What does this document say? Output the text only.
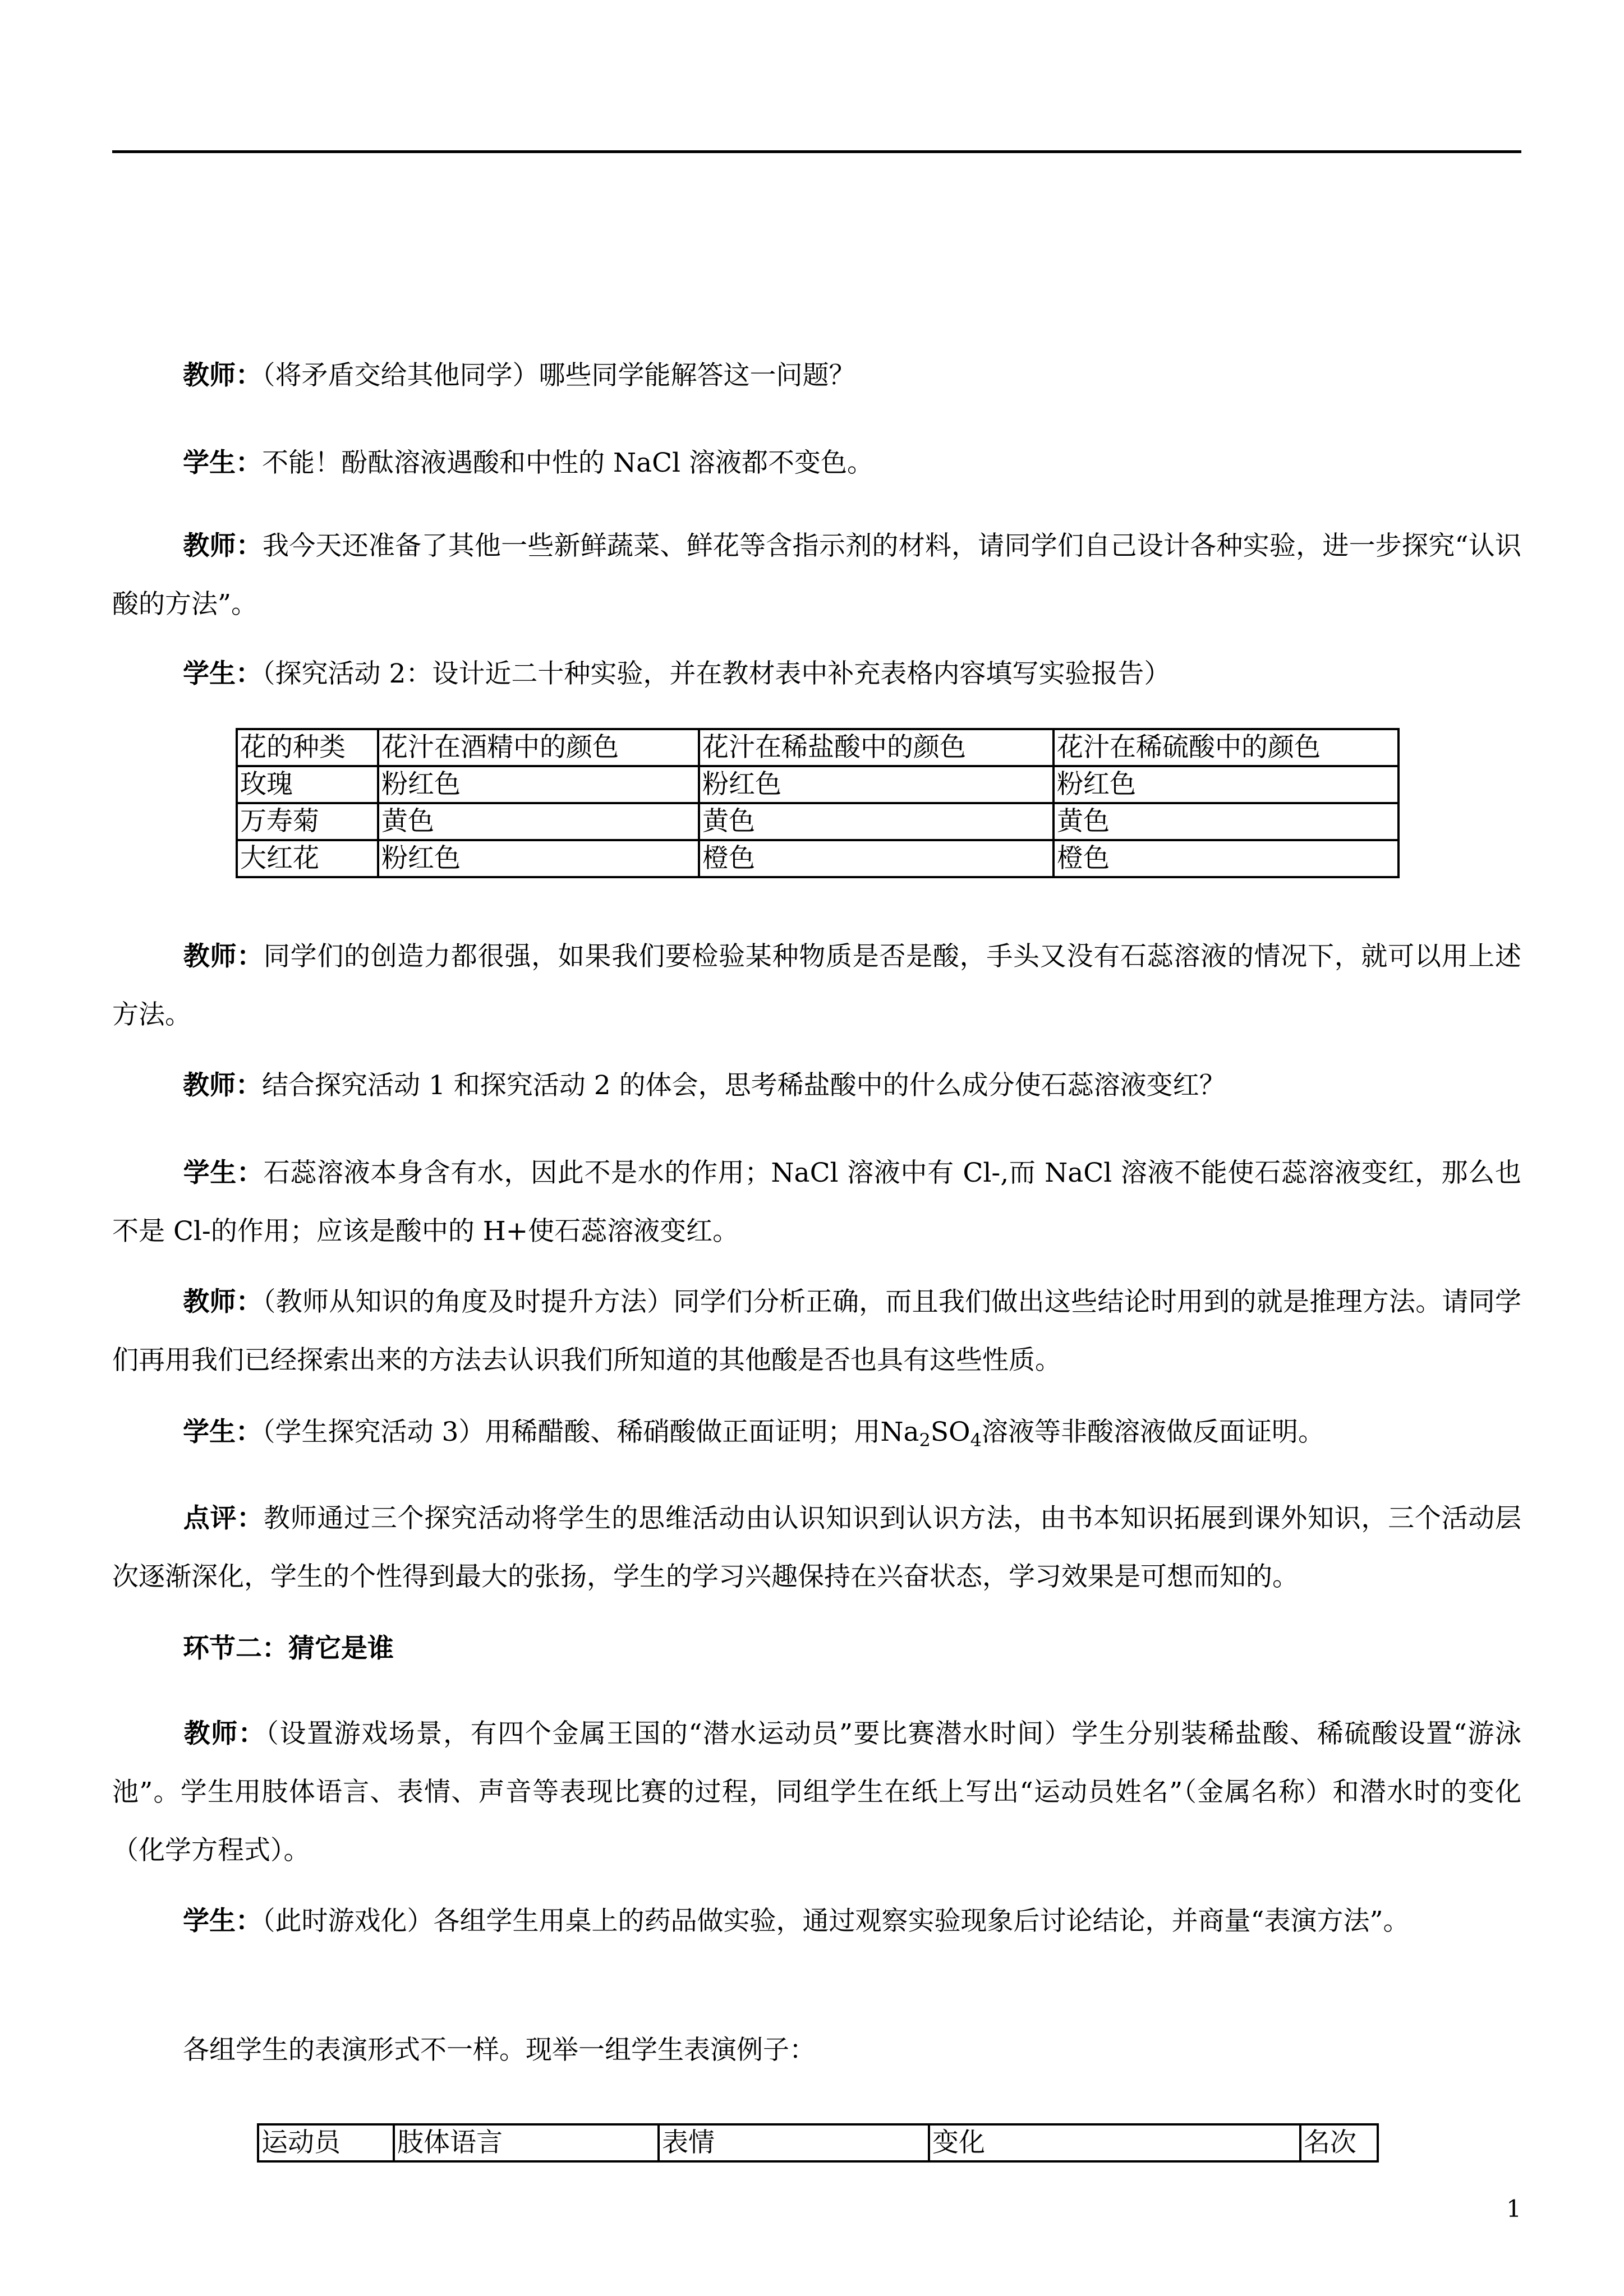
教师：（将矛盾交给其他同学）哪些同学能解答这一问题？
学生：不能！酚酞溶液遇酸和中性的 NaCl 溶液都不变色。
教师：我今天还准备了其他一些新鲜蔬菜、鲜花等含指示剂的材料，请同学们自己设计各种实验，进一步探究“认识酸的方法”。
学生：（探究活动 2：设计近二十种实验，并在教材表中补充表格内容填写实验报告）
花的种类	花汁在酒精中的颜色	花汁在稀盐酸中的颜色	花汁在稀硫酸中的颜色
玫瑰	粉红色	粉红色	粉红色
万寿菊	黄色	黄色	黄色
大红花	粉红色	橙色	橙色
教师：同学们的创造力都很强，如果我们要检验某种物质是否是酸，手头又没有石蕊溶液的情况下，就可以用上述方法。
教师：结合探究活动 1 和探究活动 2 的体会，思考稀盐酸中的什么成分使石蕊溶液变红？
学生：石蕊溶液本身含有水，因此不是水的作用；NaCl 溶液中有 Cl-,而 NaCl 溶液不能使石蕊溶液变红，那么也不是 Cl-的作用；应该是酸中的 H+使石蕊溶液变红。
教师：（教师从知识的角度及时提升方法）同学们分析正确，而且我们做出这些结论时用到的就是推理方法。请同学们再用我们已经探索出来的方法去认识我们所知道的其他酸是否也具有这些性质。
学生：（学生探究活动 3）用稀醋酸、稀硝酸做正面证明；用$Na_2SO_4$溶液等非酸溶液做反面证明。
点评：教师通过三个探究活动将学生的思维活动由认识知识到认识方法，由书本知识拓展到课外知识，三个活动层次逐渐深化，学生的个性得到最大的张扬，学生的学习兴趣保持在兴奋状态，学习效果是可想而知的。
环节二：猜它是谁
教师：（设置游戏场景，有四个金属王国的“潜水运动员”要比赛潜水时间）学生分别装稀盐酸、稀硫酸设置“游泳池”。学生用肢体语言、表情、声音等表现比赛的过程，同组学生在纸上写出“运动员姓名”（金属名称）和潜水时的变化（化学方程式）。
学生：（此时游戏化）各组学生用桌上的药品做实验，通过观察实验现象后讨论结论，并商量“表演方法”。
各组学生的表演形式不一样。现举一组学生表演例子：
运动员	肢体语言	表情	变化	名次
1
